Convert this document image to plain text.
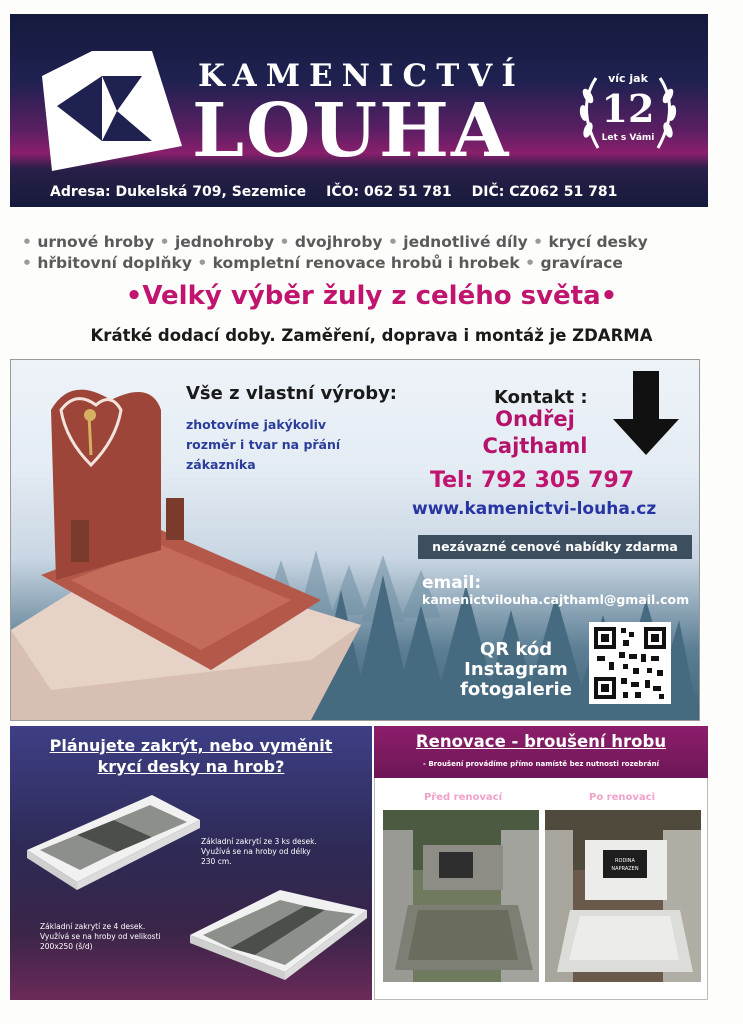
KAMENICTVÍ
LOUHA
víc jak
12
Let s Vámi
Adresa: Dukelská 709, Sezemice IČO: 062 51 781 DIČ: CZ062 51 781
• urnové hroby • jednohroby • dvojhroby • jednotlivé díly • krycí desky
• hřbitovní doplňky • kompletní renovace hrobů i hrobek • gravírace
•Velký výběr žuly z celého světa•
Krátké dodací doby. Zaměření, doprava i montáž je ZDARMA
Vše z vlastní výroby:
zhotovíme jakýkoliv
rozměr i tvar na přání
zákazníka
Kontakt :
Ondřej
Cajthaml
Tel: 792 305 797
www.kamenictvi-louha.cz
nezávazné cenové nabídky zdarma
email:
kamenictvilouha.cajthaml@gmail.com
QR kód
Instagram
fotogalerie
Plánujete zakrýt, nebo vyměnit
krycí desky na hrob?
Základní zakrytí ze 3 ks desek.
Využívá se na hroby od délky
230 cm.
Základní zakrytí ze 4 desek.
Využívá se na hroby od velikosti
200x250 (š/d)
Renovace - broušení hrobu
- Broušení provádíme přímo namístě bez nutnosti rozebrání
Před renovací	Po renovaci
RODINA
NAPRAZEN
